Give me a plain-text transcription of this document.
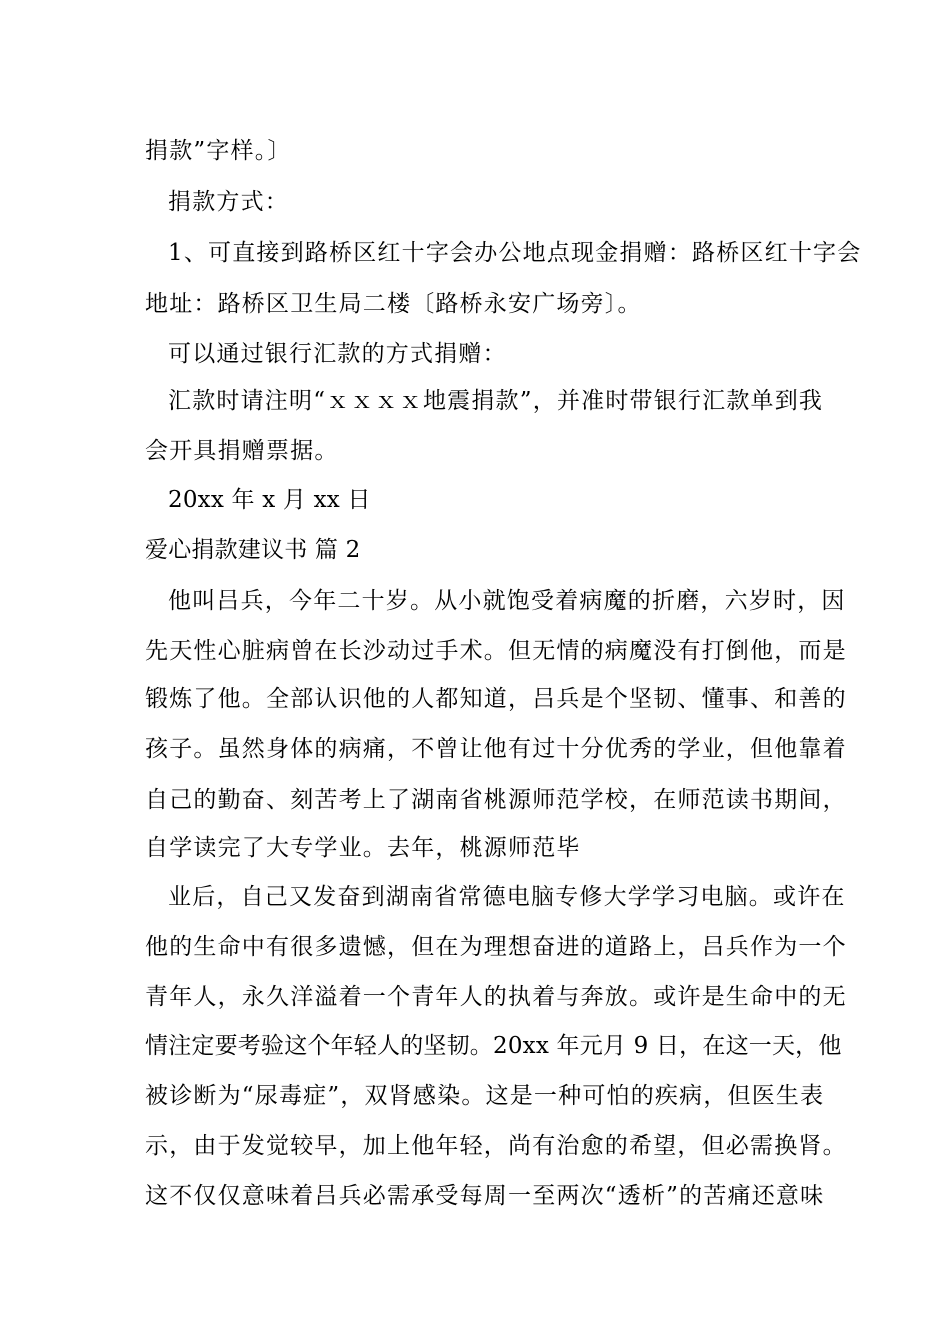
捐款”字样。〕
捐款方式：
1、可直接到路桥区红十字会办公地点现金捐赠：路桥区红十字会
地址：路桥区卫生局二楼〔路桥永安广场旁〕。
可以通过银行汇款的方式捐赠：
汇款时请注明“ｘｘｘｘ地震捐款”，并准时带银行汇款单到我
会开具捐赠票据。
20xx 年 x 月 xx 日
爱心捐款建议书 篇 2
他叫吕兵，今年二十岁。从小就饱受着病魔的折磨，六岁时，因
先天性心脏病曾在长沙动过手术。但无情的病魔没有打倒他，而是
锻炼了他。全部认识他的人都知道，吕兵是个坚韧、懂事、和善的
孩子。虽然身体的病痛，不曾让他有过十分优秀的学业，但他靠着
自己的勤奋、刻苦考上了湖南省桃源师范学校，在师范读书期间，
自学读完了大专学业。去年，桃源师范毕
业后，自己又发奋到湖南省常德电脑专修大学学习电脑。或许在
他的生命中有很多遗憾，但在为理想奋进的道路上，吕兵作为一个
青年人，永久洋溢着一个青年人的执着与奔放。或许是生命中的无
情注定要考验这个年轻人的坚韧。20xx 年元月 9 日，在这一天，他
被诊断为“尿毒症”，双肾感染。这是一种可怕的疾病，但医生表
示，由于发觉较早，加上他年轻，尚有治愈的希望，但必需换肾。
这不仅仅意味着吕兵必需承受每周一至两次“透析”的苦痛还意味
